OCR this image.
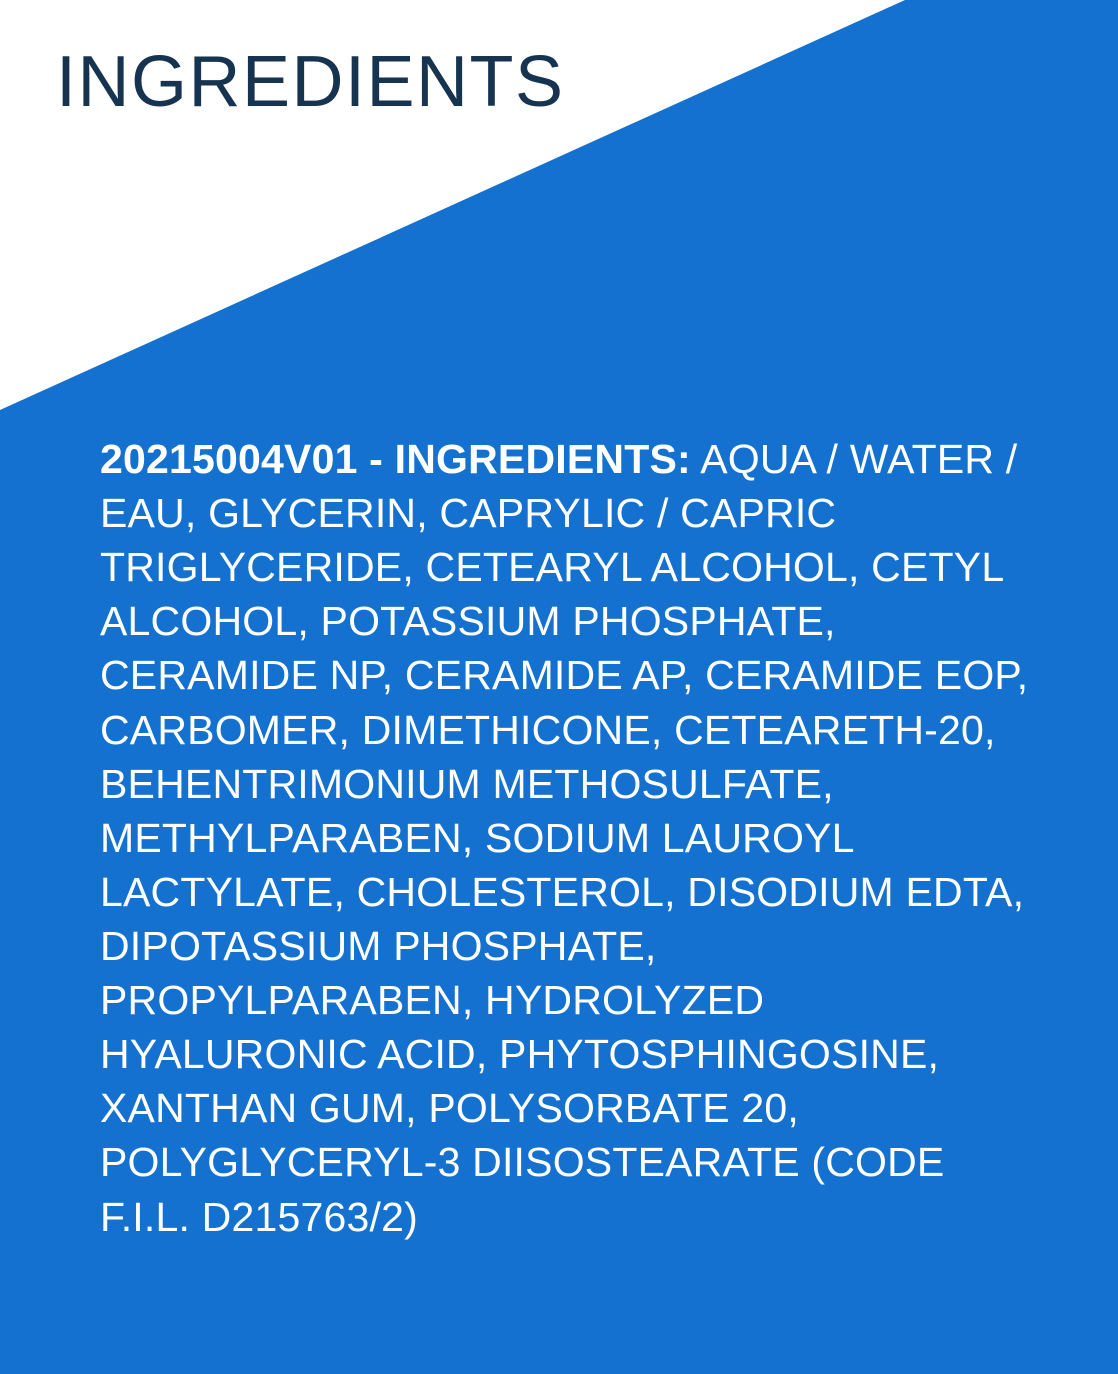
INGREDIENTS
20215004V01 - INGREDIENTS: AQUA / WATER / EAU, GLYCERIN, CAPRYLIC / CAPRIC TRIGLYCERIDE, CETEARYL ALCOHOL, CETYL ALCOHOL, POTASSIUM PHOSPHATE, CERAMIDE NP, CERAMIDE AP, CERAMIDE EOP, CARBOMER, DIMETHICONE, CETEARETH-20, BEHENTRIMONIUM METHOSULFATE, METHYLPARABEN, SODIUM LAUROYL LACTYLATE, CHOLESTEROL, DISODIUM EDTA, DIPOTASSIUM PHOSPHATE, PROPYLPARABEN, HYDROLYZED HYALURONIC ACID, PHYTOSPHINGOSINE, XANTHAN GUM, POLYSORBATE 20, POLYGLYCERYL-3 DIISOSTEARATE (CODE F.I.L. D215763/2)
